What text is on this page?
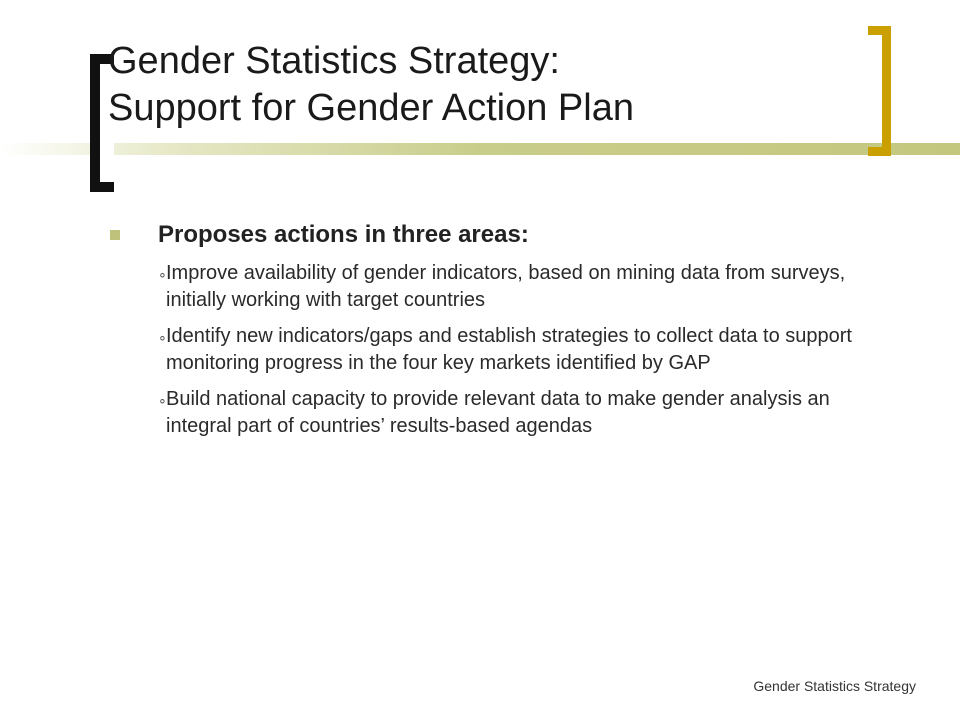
Gender Statistics Strategy:
Support for Gender Action Plan
Proposes actions in three areas:
∘ Improve availability of gender indicators, based on mining data from surveys, initially working with target countries
∘ Identify new indicators/gaps and establish strategies to collect data to support monitoring progress in the four key markets identified by GAP
∘ Build national capacity to provide relevant data to make gender analysis an integral part of countries’ results-based agendas
Gender Statistics Strategy
